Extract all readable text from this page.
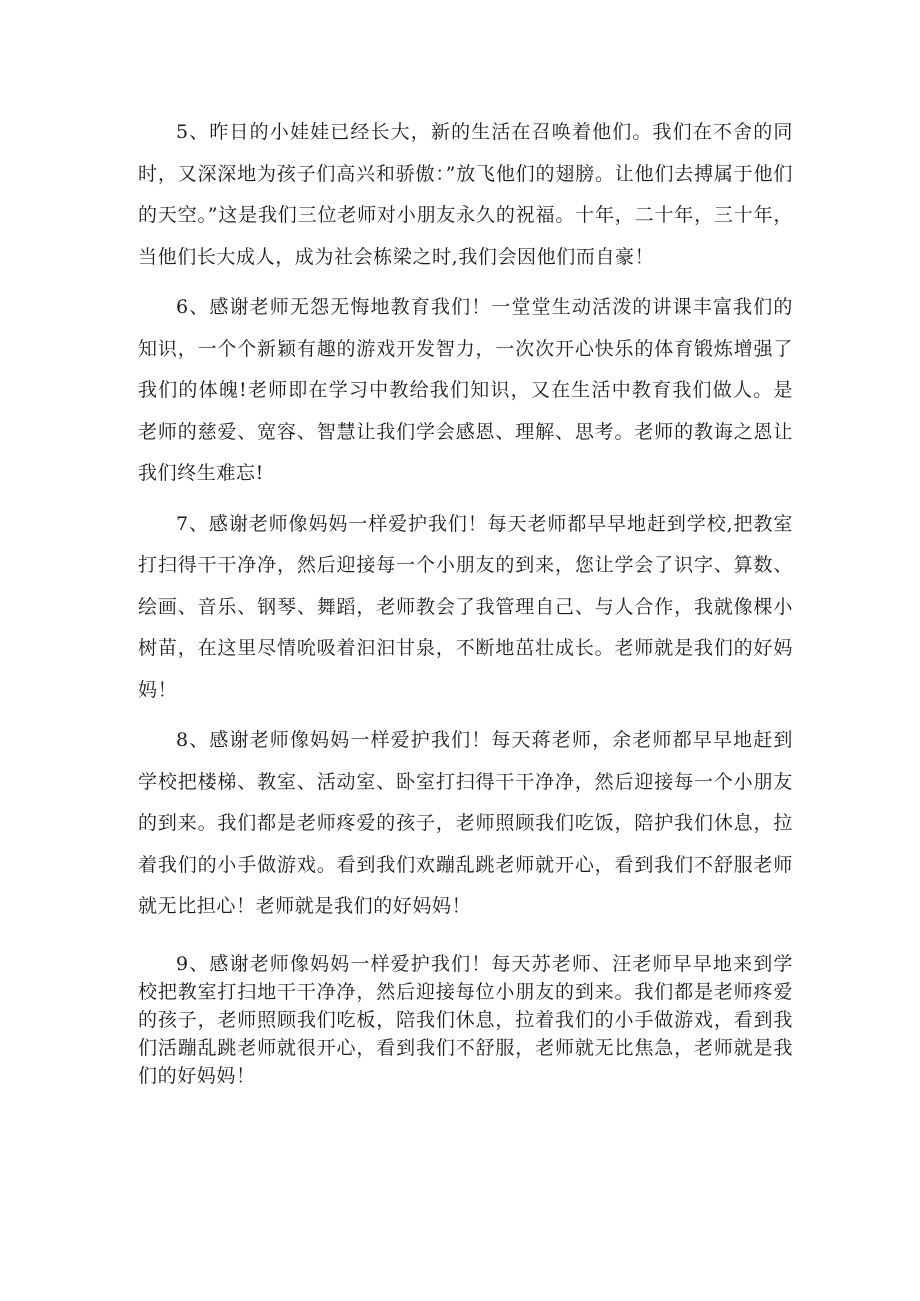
5、昨日的小娃娃已经长大，新的生活在召唤着他们。我们在不舍的同时，又深深地为孩子们高兴和骄傲：”放飞他们的翅膀。让他们去搏属于他们的天空。”这是我们三位老师对小朋友永久的祝福。十年，二十年，三十年，当他们长大成人，成为社会栋梁之时,我们会因他们而自豪！

6、感谢老师无怨无悔地教育我们！一堂堂生动活泼的讲课丰富我们的知识，一个个新颖有趣的游戏开发智力，一次次开心快乐的体育锻炼增强了我们的体魄!老师即在学习中教给我们知识，又在生活中教育我们做人。是老师的慈爱、宽容、智慧让我们学会感恩、理解、思考。老师的教诲之恩让我们终生难忘!

7、感谢老师像妈妈一样爱护我们！每天老师都早早地赶到学校,把教室打扫得干干净净，然后迎接每一个小朋友的到来，您让学会了识字、算数、绘画、音乐、钢琴、舞蹈，老师教会了我管理自己、与人合作，我就像棵小树苗，在这里尽情吮吸着汩汩甘泉，不断地茁壮成长。老师就是我们的好妈妈！

8、感谢老师像妈妈一样爱护我们！每天蒋老师，余老师都早早地赶到学校把楼梯、教室、活动室、卧室打扫得干干净净，然后迎接每一个小朋友的到来。我们都是老师疼爱的孩子，老师照顾我们吃饭，陪护我们休息，拉着我们的小手做游戏。看到我们欢蹦乱跳老师就开心，看到我们不舒服老师就无比担心！老师就是我们的好妈妈！

9、感谢老师像妈妈一样爱护我们！每天苏老师、汪老师早早地来到学校把教室打扫地干干净净，然后迎接每位小朋友的到来。我们都是老师疼爱的孩子，老师照顾我们吃板，陪我们休息，拉着我们的小手做游戏，看到我们活蹦乱跳老师就很开心，看到我们不舒服，老师就无比焦急，老师就是我们的好妈妈！
